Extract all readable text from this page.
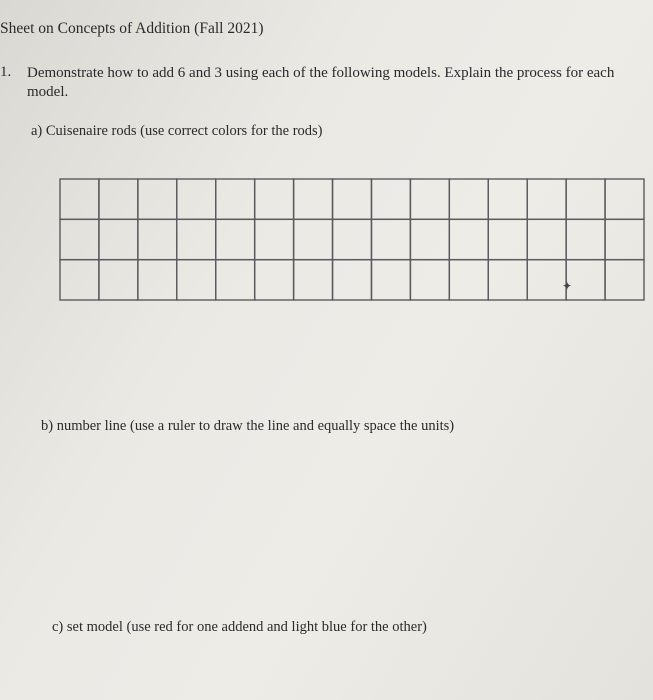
Sheet on Concepts of Addition (Fall 2021)
1. Demonstrate how to add 6 and 3 using each of the following models. Explain the process for each model.
a) Cuisenaire rods (use correct colors for the rods)
✦
b) number line (use a ruler to draw the line and equally space the units)
c) set model (use red for one addend and light blue for the other)
